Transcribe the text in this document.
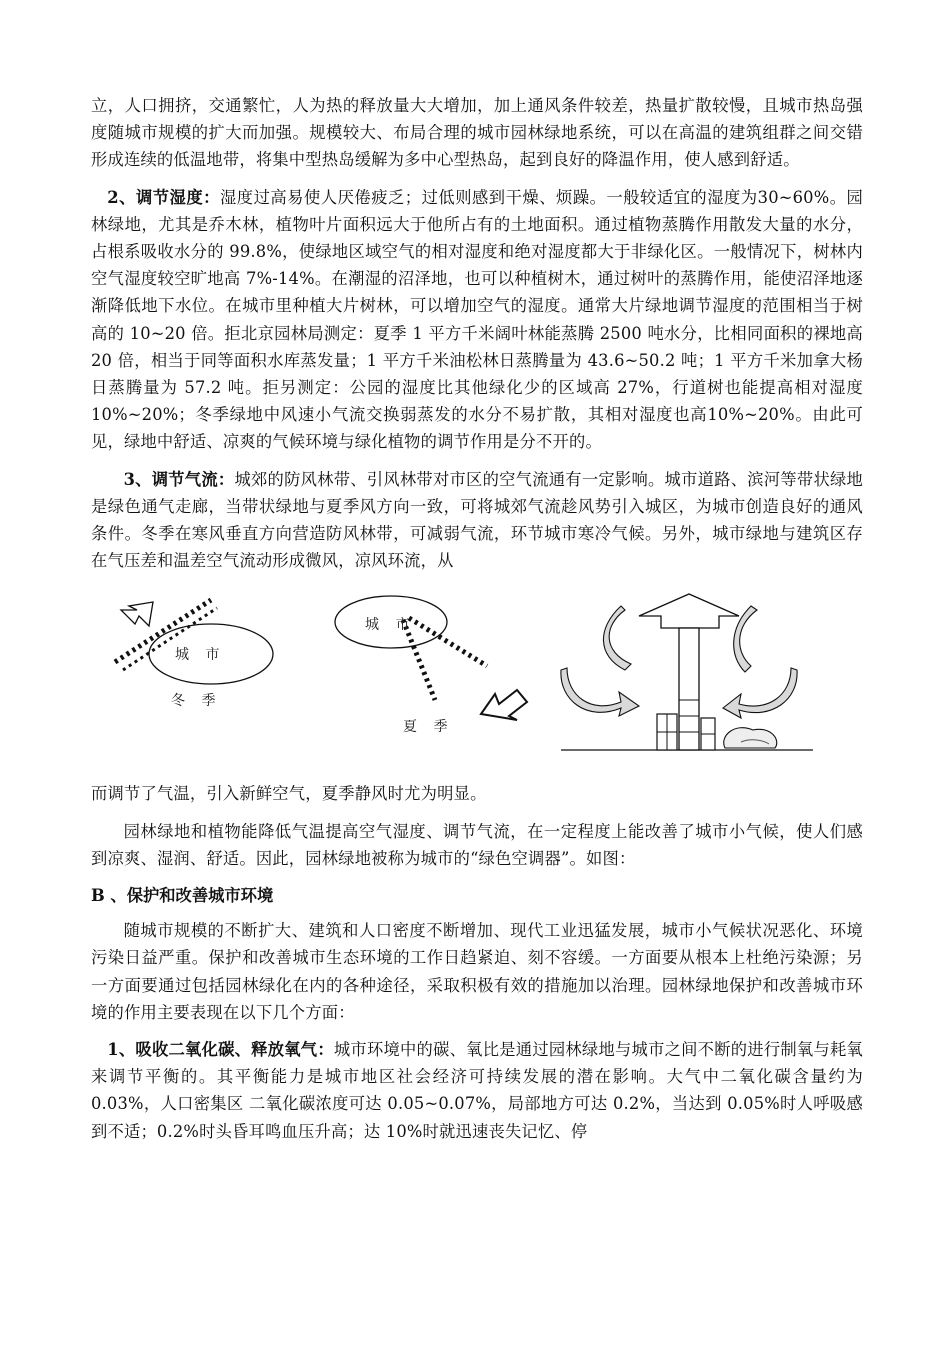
立，人口拥挤，交通繁忙，人为热的释放量大大增加，加上通风条件较差，热量扩散较慢，且城市热岛强度随城市规模的扩大而加强。规模较大、布局合理的城市园林绿地系统，可以在高温的建筑组群之间交错形成连续的低温地带，将集中型热岛缓解为多中心型热岛，起到良好的降温作用，使人感到舒适。

2、调节湿度：湿度过高易使人厌倦疲乏；过低则感到干燥、烦躁。一般较适宜的湿度为30~60%。园林绿地，尤其是乔木林，植物叶片面积远大于他所占有的土地面积。通过植物蒸腾作用散发大量的水分，占根系吸收水分的 99.8%，使绿地区域空气的相对湿度和绝对湿度都大于非绿化区。一般情况下，树林内空气湿度较空旷地高 7%-14%。在潮湿的沼泽地，也可以种植树木，通过树叶的蒸腾作用，能使沼泽地逐渐降低地下水位。在城市里种植大片树林，可以增加空气的湿度。通常大片绿地调节湿度的范围相当于树高的 10~20 倍。拒北京园林局测定：夏季 1 平方千米阔叶林能蒸腾 2500 吨水分，比相同面积的裸地高 20 倍，相当于同等面积水库蒸发量；1 平方千米油松林日蒸腾量为 43.6~50.2 吨；1 平方千米加拿大杨日蒸腾量为 57.2 吨。拒另测定：公园的湿度比其他绿化少的区域高 27%，行道树也能提高相对湿度 10%~20%；冬季绿地中风速小气流交换弱蒸发的水分不易扩散，其相对湿度也高10%~20%。由此可见，绿地中舒适、凉爽的气候环境与绿化植物的调节作用是分不开的。

3、调节气流：城郊的防风林带、引风林带对市区的空气流通有一定影响。城市道路、滨河等带状绿地是绿色通气走廊，当带状绿地与夏季风方向一致，可将城郊气流趁风势引入城区，为城市创造良好的通风条件。冬季在寒风垂直方向营造防风林带，可减弱气流，环节城市寒冷气候。另外，城市绿地与建筑区存在气压差和温差空气流动形成微风，凉风环流，从

城 市
冬 季
城 市
夏 季

而调节了气温，引入新鲜空气，夏季静风时尤为明显。

园林绿地和植物能降低气温提高空气湿度、调节气流，在一定程度上能改善了城市小气候，使人们感到凉爽、湿润、舒适。因此，园林绿地被称为城市的“绿色空调器”。如图：

B 、保护和改善城市环境

随城市规模的不断扩大、建筑和人口密度不断增加、现代工业迅猛发展，城市小气候状况恶化、环境污染日益严重。保护和改善城市生态环境的工作日趋紧迫、刻不容缓。一方面要从根本上杜绝污染源；另一方面要通过包括园林绿化在内的各种途径，采取积极有效的措施加以治理。园林绿地保护和改善城市环境的作用主要表现在以下几个方面：

1、吸收二氧化碳、释放氧气：城市环境中的碳、氧比是通过园林绿地与城市之间不断的进行制氧与耗氧来调节平衡的。其平衡能力是城市地区社会经济可持续发展的潜在影响。大气中二氧化碳含量约为0.03%，人口密集区 二氧化碳浓度可达 0.05~0.07%，局部地方可达 0.2%，当达到 0.05%时人呼吸感到不适；0.2%时头昏耳鸣血压升高；达 10%时就迅速丧失记忆、停
